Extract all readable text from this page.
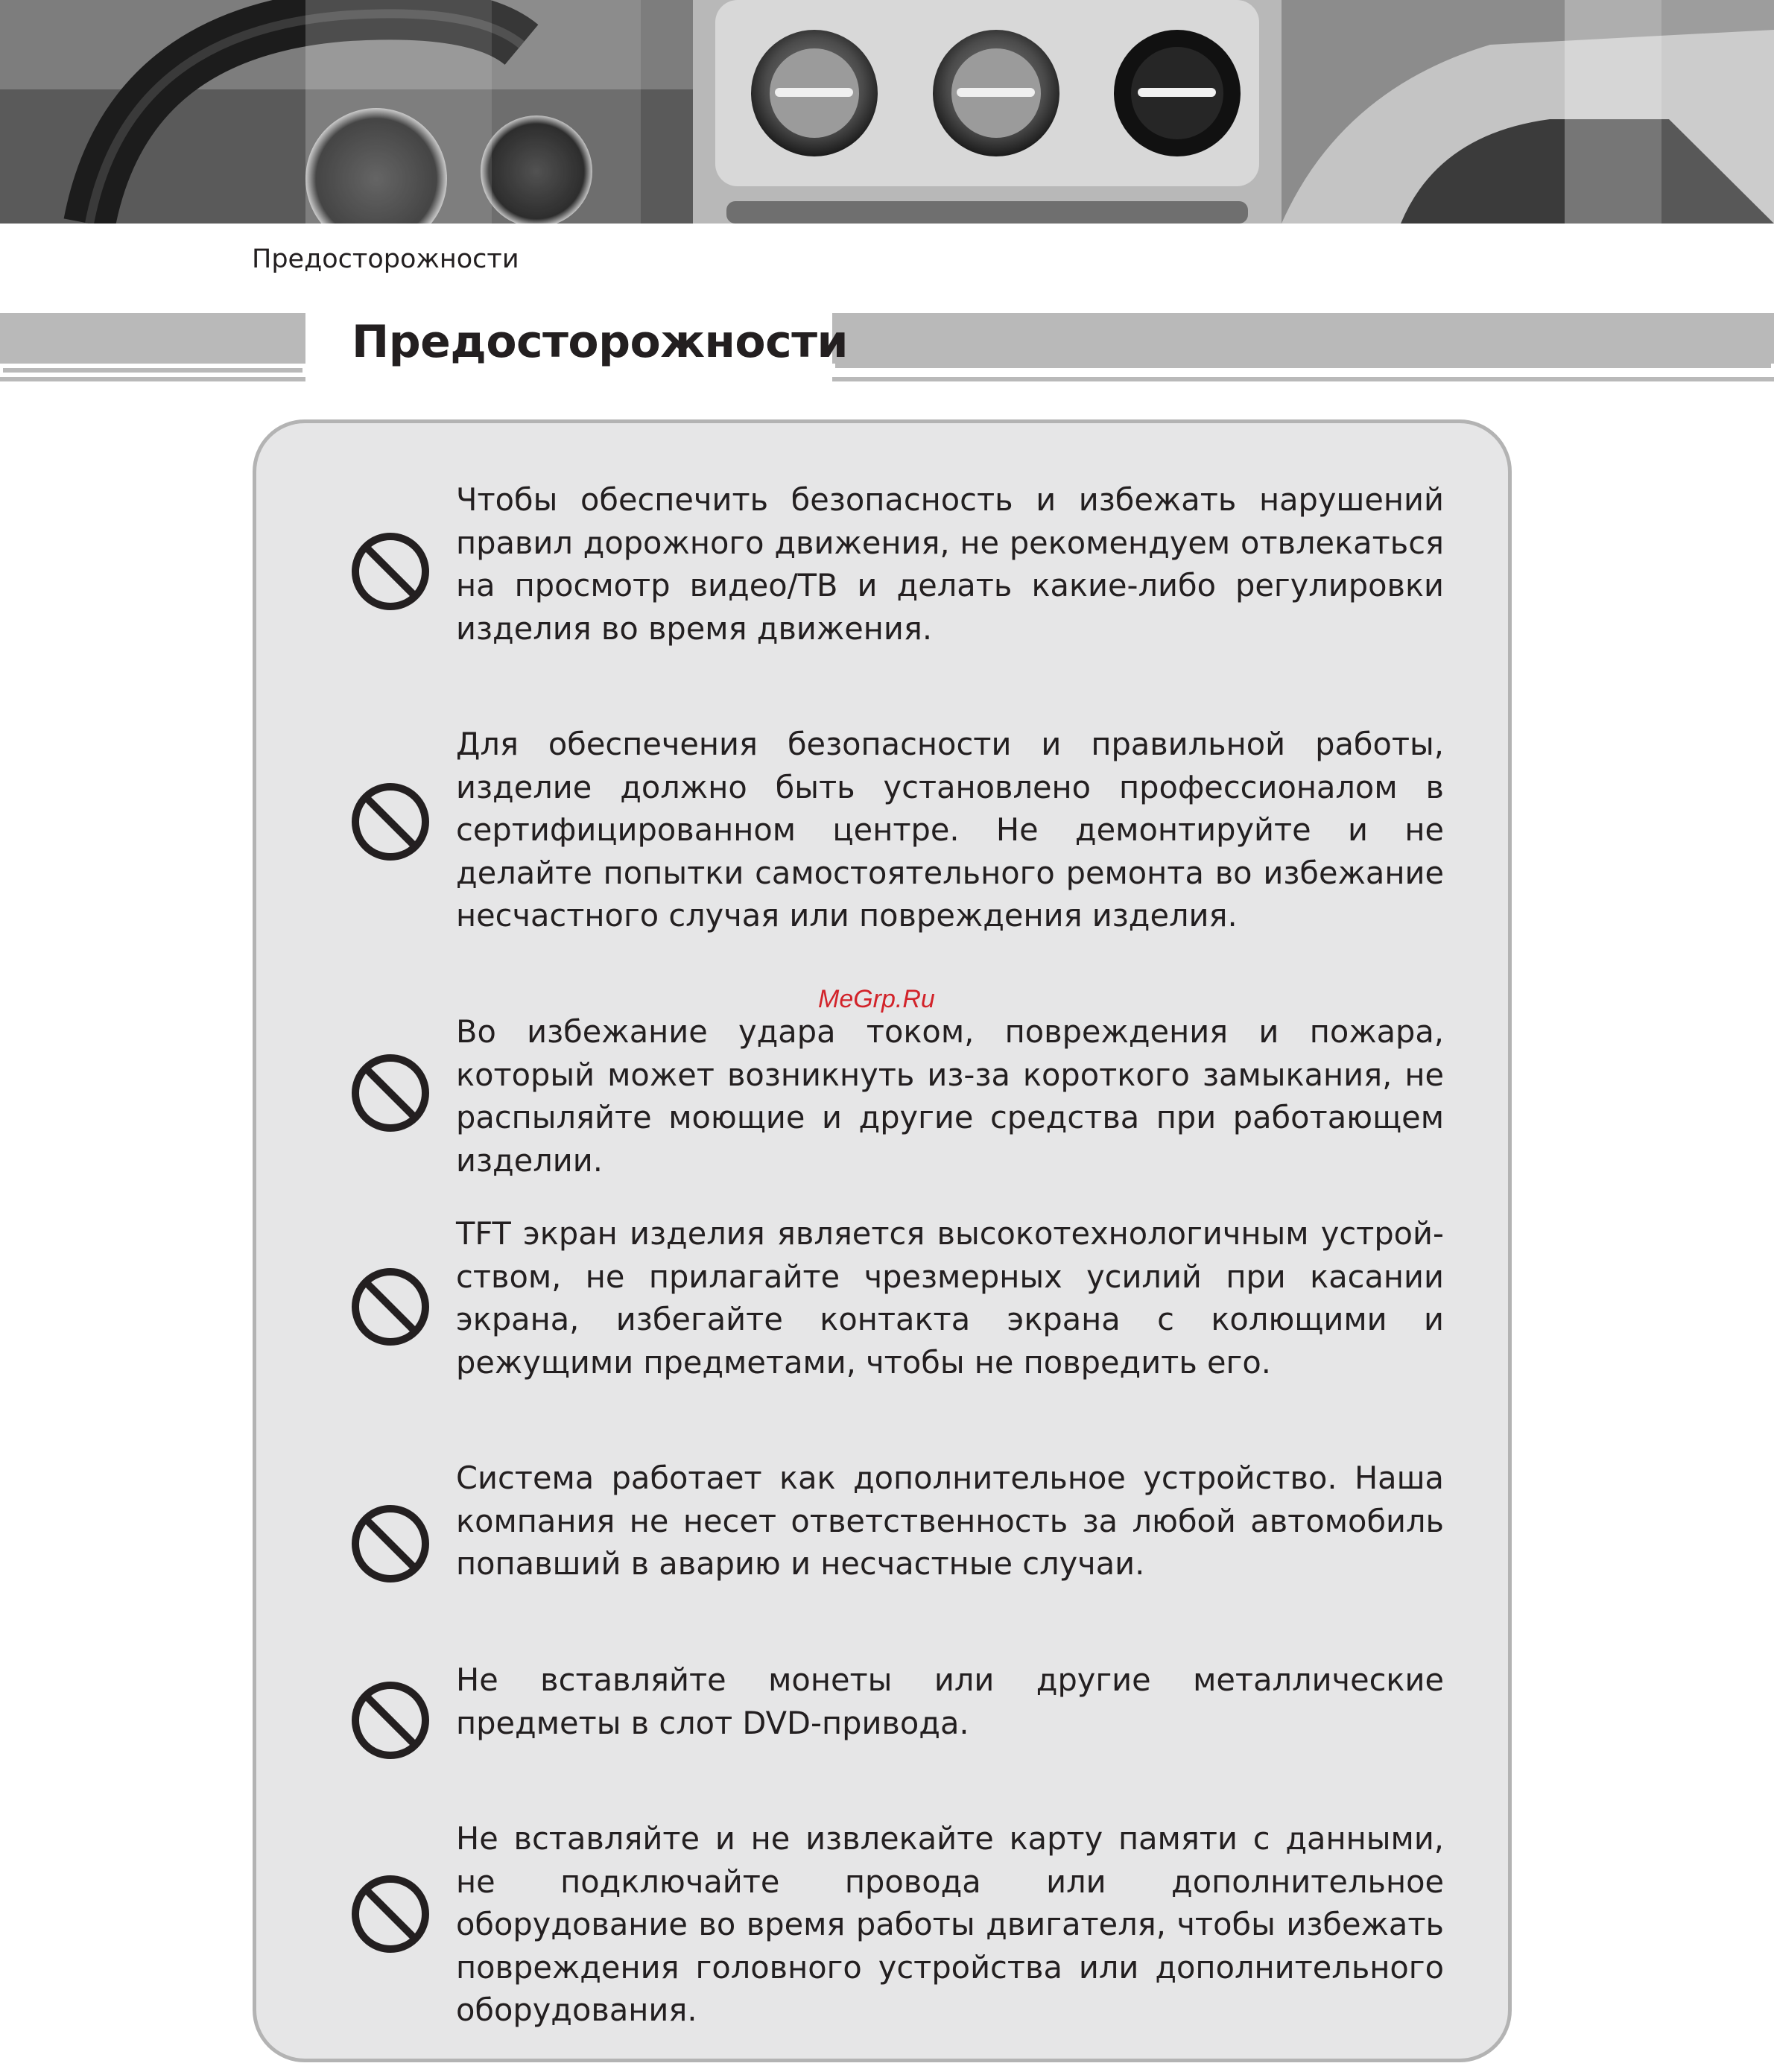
Предосторожности
Предосторожности

Чтобы обеспечить безопасность и избежать нарушений правил дорожного движения, не рекомендуем отвлекаться на просмотр видео/ТВ и делать какие-либо регулировки изделия во время движения.

Для обеспечения безопасности и правильной работы, изделие должно быть установлено профессионалом в сертифицированном центре. Не демонтируйте и не делайте попытки самостоятельного ремонта во избежание несчастного случая или повреждения изделия.

Во избежание удара током, повреждения и пожара, который может возникнуть из-за короткого замыкания, не распыляйте моющие и другие средства при работающем изделии.

TFT экран изделия является высокотехнологичным устрой-ством, не прилагайте чрезмерных усилий при касании экрана, избегайте контакта экрана с колющими и режущими предметами, чтобы не повредить его.

Система работает как дополнительное устройство. Наша компания не несет ответственность за любой автомобиль попавший в аварию и несчастные случаи.

Не вставляйте монеты или другие металлические предметы в слот DVD-привода.

Не вставляйте и не извлекайте карту памяти с данными, не подключайте провода или дополнительное оборудование во время работы двигателя, чтобы избежать повреждения головного устройства или дополнительного оборудования.

MeGrp.Ru
